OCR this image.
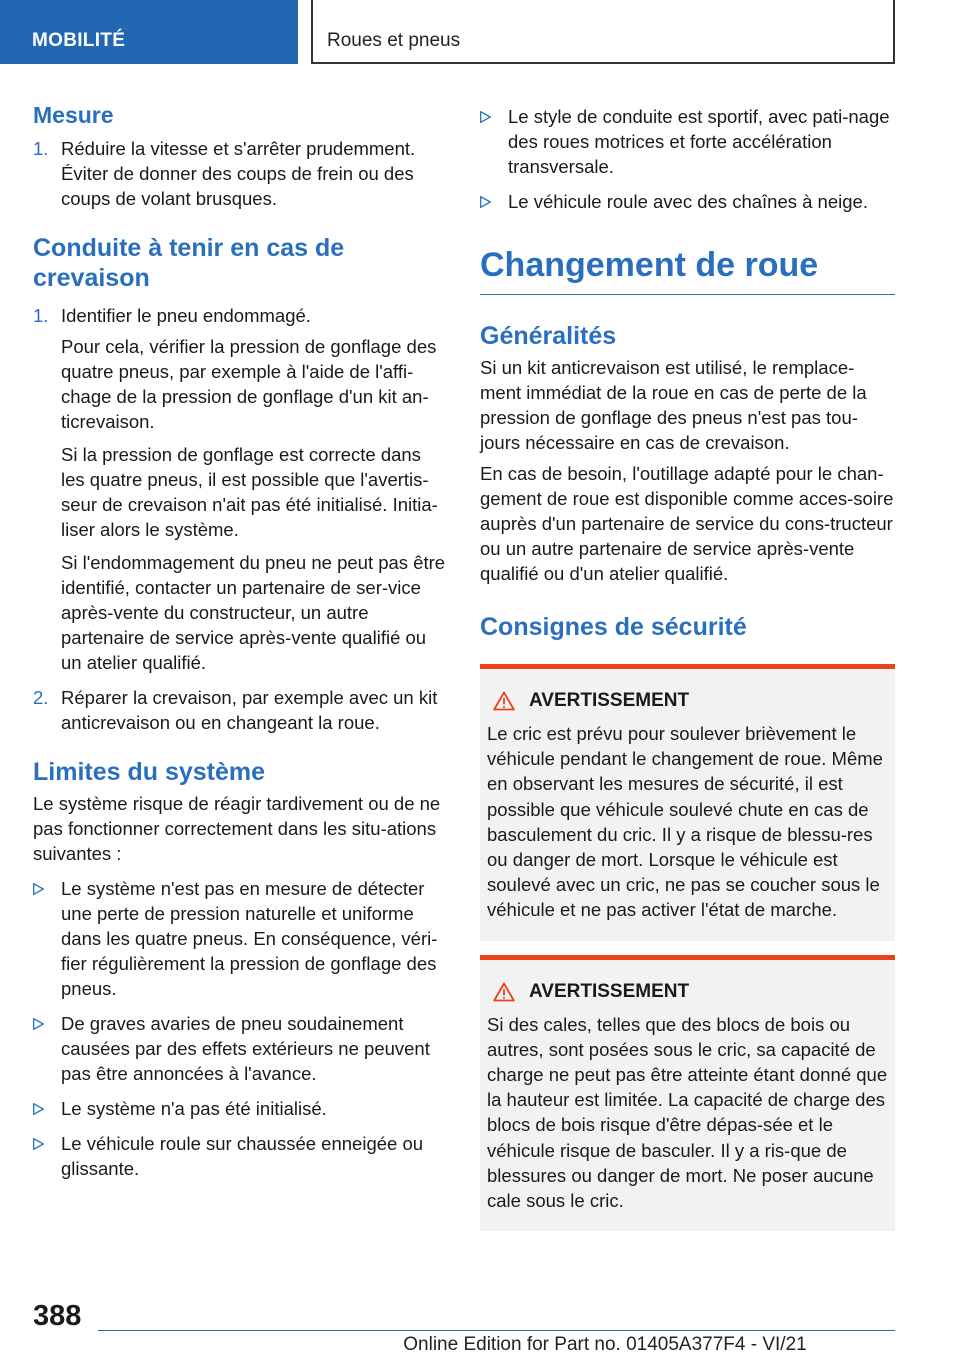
MOBILITÉ	Roues et pneus
Mesure
1. Réduire la vitesse et s'arrêter prudemment. Éviter de donner des coups de frein ou des coups de volant brusques.
Conduite à tenir en cas de crevaison
1. Identifier le pneu endommagé.
Pour cela, vérifier la pression de gonflage des quatre pneus, par exemple à l'aide de l'affi-chage de la pression de gonflage d'un kit an-ticrevaison.
Si la pression de gonflage est correcte dans les quatre pneus, il est possible que l'avertis-seur de crevaison n'ait pas été initialisé. Initia-liser alors le système.
Si l'endommagement du pneu ne peut pas être identifié, contacter un partenaire de ser-vice après-vente du constructeur, un autre partenaire de service après-vente qualifié ou un atelier qualifié.
2. Réparer la crevaison, par exemple avec un kit anticrevaison ou en changeant la roue.
Limites du système
Le système risque de réagir tardivement ou de ne pas fonctionner correctement dans les situ-ations suivantes :
Le système n'est pas en mesure de détecter une perte de pression naturelle et uniforme dans les quatre pneus. En conséquence, véri-fier régulièrement la pression de gonflage des pneus.
De graves avaries de pneu soudainement causées par des effets extérieurs ne peuvent pas être annoncées à l'avance.
Le système n'a pas été initialisé.
Le véhicule roule sur chaussée enneigée ou glissante.
Le style de conduite est sportif, avec pati-nage des roues motrices et forte accélération transversale.
Le véhicule roule avec des chaînes à neige.
Changement de roue
Généralités
Si un kit anticrevaison est utilisé, le remplace-ment immédiat de la roue en cas de perte de la pression de gonflage des pneus n'est pas tou-jours nécessaire en cas de crevaison.
En cas de besoin, l'outillage adapté pour le chan-gement de roue est disponible comme acces-soire auprès d'un partenaire de service du cons-tructeur ou un autre partenaire de service après-vente qualifié ou d'un atelier qualifié.
Consignes de sécurité
AVERTISSEMENT
Le cric est prévu pour soulever brièvement le véhicule pendant le changement de roue. Même en observant les mesures de sécurité, il est possible que véhicule soulevé chute en cas de basculement du cric. Il y a risque de blessu-res ou danger de mort. Lorsque le véhicule est soulevé avec un cric, ne pas se coucher sous le véhicule et ne pas activer l'état de marche.
AVERTISSEMENT
Si des cales, telles que des blocs de bois ou autres, sont posées sous le cric, sa capacité de charge ne peut pas être atteinte étant donné que la hauteur est limitée. La capacité de charge des blocs de bois risque d'être dépas-sée et le véhicule risque de basculer. Il y a ris-que de blessures ou danger de mort. Ne poser aucune cale sous le cric.
388
Online Edition for Part no. 01405A377F4 - VI/21
